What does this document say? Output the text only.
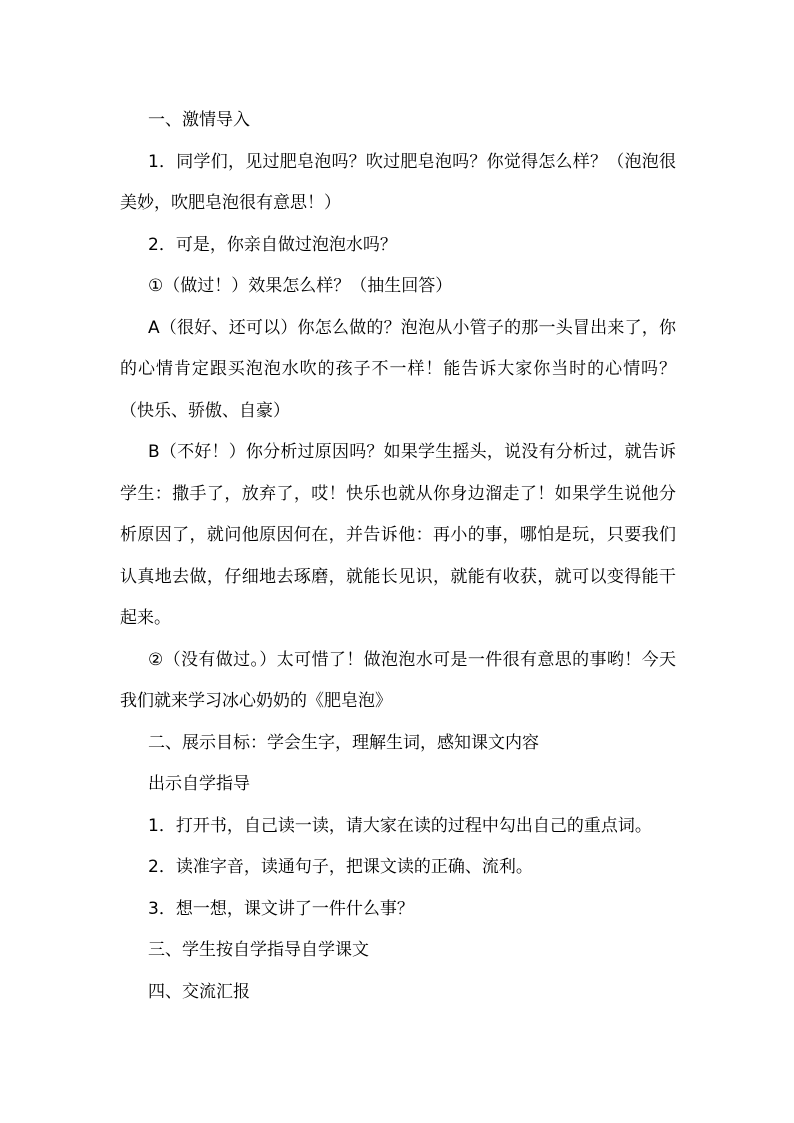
一、激情导入

1．同学们，见过肥皂泡吗？吹过肥皂泡吗？你觉得怎么样？（泡泡很美妙，吹肥皂泡很有意思！）

2．可是，你亲自做过泡泡水吗？

①（做过！）效果怎么样？（抽生回答）

A（很好、还可以）你怎么做的？泡泡从小管子的那一头冒出来了，你的心情肯定跟买泡泡水吹的孩子不一样！能告诉大家你当时的心情吗？（快乐、骄傲、自豪）

B（不好！）你分析过原因吗？如果学生摇头，说没有分析过，就告诉学生：撒手了，放弃了，哎！快乐也就从你身边溜走了！如果学生说他分析原因了，就问他原因何在，并告诉他：再小的事，哪怕是玩，只要我们认真地去做，仔细地去琢磨，就能长见识，就能有收获，就可以变得能干起来。

②（没有做过。）太可惜了！做泡泡水可是一件很有意思的事哟！今天我们就来学习冰心奶奶的《肥皂泡》

二、展示目标：学会生字，理解生词，感知课文内容

出示自学指导

1．打开书，自己读一读，请大家在读的过程中勾出自己的重点词。

2．读准字音，读通句子，把课文读的正确、流利。

3．想一想，课文讲了一件什么事？

三、学生按自学指导自学课文

四、交流汇报
